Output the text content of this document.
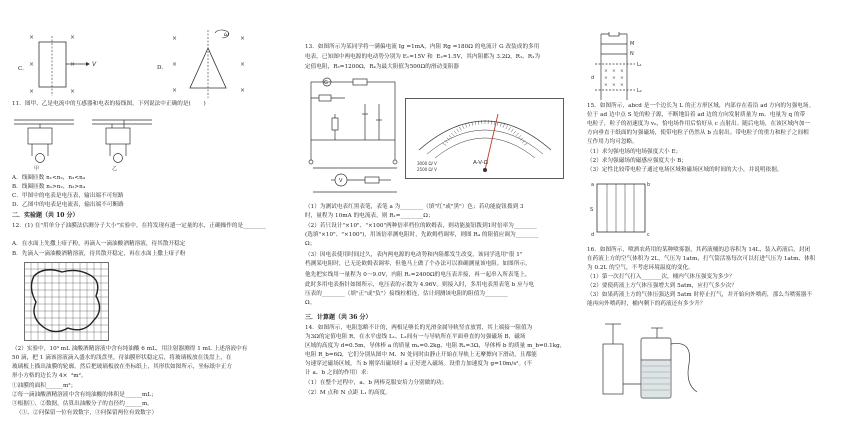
C.
×	×
×	×
×	×	V	D.
×	×
×	×
×	×
ω
11．图甲、乙是电流中的互感器和电表的接线图，下列说法中正确的是(       )
甲	乙
A．线圈匝数 n₁<n₂，n₃<n₄
B．线圈匝数 n₁>n₂，n₃>n₄
C．甲图中的电表是电压表，输出端不可短路
D．乙图中的电表是电流表，输出端不可断路
二．实验题（共 10 分）
12．(1) 在"用单分子油膜法估测分子大小"实验中，在将发现有遗一定量的水，正确操作的是________
A．在水面上先撒上痱子粉，再滴入一滴油酸酒精溶液，待其散开稳定
B．先滴入一滴油酸酒精溶液，待其散开稳定，再在水面上撒上痱子粉
（2）实验中，10³ mL 油酸酒精溶液中含有纯油酸 6 mL，用注射器测得 1 mL 上述溶液中有
50 滴，把 1 滴该溶液滴入盛水的浅盘里，待油膜形状稳定后，将玻璃板放在浅盘上，在
玻璃板上描出油膜的轮廓，然后把玻璃板放在坐标纸上，其形状如图所示，坐标纸中正方
形小方格的边长为 4×  ²m²。
①油膜的面积______m²；
②每一滴油酸酒精溶液中含有纯油酸的体积是______mL；
③根据①、②数据，估算出油酸分子的直径约______m。
（①、②问保留一位有效数字，③问保留两位有效数字）
13．如图所示为某同学将一满偏电流 Ig =1mA，内阻 Rg =180Ω 的电流计 G 改装成的多用
电表。已知图中两电源的电动势分别为 E₁=15V 和  E₂=1.5V，其内阻都为 3.2Ω，R₁、R₂为
定值电阻，R₃=1200Ω，R₄为最大阻值为500Ω的滑动变阻器
G
3000 Ω/ V
2500 Ω/ V
A-V-Ω
V
（1）为测试电表红黑表笔，表笔 a 为________（填"红"或"黑"）色；若功能旋钮拨到 3
时，量程为 10mA 的电流表，则 R₁=________Ω；
（2）若只设计"×10"、"×100"两种倍率档位的欧姆表，则功能旋钮拨到1时倍率为________
(选填"×10"、"×100")，用该倍率测电阻时，先欧姆档调零，则图 R₄ 的阻值应调为________
Ω；
（3）因电表使用时间过久，表内两电源的电动势和内阻都发生改变，该同学选用"很 1"
档测某电阻时，已无论欧姆表调零，但他马上做了个办法可以准确测量该电阻。如图所示，
他先把实线用一量程为 0～9.0V，内阻 Rᵥ=2400Ω的电压表并接，再一起串入所表笔上，
此时多用电表指针如图所示，电压表的示数为 4.96V。则接入时，多用电表黑表笔 b 应与电
压表的________（填"正"或"负"）接线柱相连，估计到测该电阻的阻值为________
Ω。
三．计算题（共 36 分）
14．如图所示，电阻忽略不计的，两根足够长的光滑金属导轨竖直放置，其上端接一阻值为
为3Ω的定值电阻 R，在水平虚线 L₁、L₂间有一与导轨所在平面垂直的匀强磁场 B，磁场
区域的高度为 d=0.5m，导体棒 a 的质量 mₐ=0.2kg、电阻 Rₐ=3Ω，导体棒 b 的质量 m_b=0.1kg，
电阻 R_b=6Ω，它们分别从图中 M、N 处同时由静止开始在导轨上无摩擦向下滑动，且都能
匀速穿过磁场区域，当 b 刚穿出磁场时 a 正好进入磁场。设重力加速度为 g=10m/s²。(不
计 a、b 之间的作用）求：
（1）在整个过程中，a、b 两棒克服安培力分别做的功；
（2）M 点和 N 点距 L₁ 的高度。
× × ×
× × ×
× × ×
M
N
L₁
L₂
d
15．如图所示，abcd 是一个边长为 L 的正方形区域，内部存在着沿 ad 方向的匀强电场。
位于 ad 边中点 S 处的粒子源，不断地沿着 ad 边的方向发射质量为 m、电量为 q 的带
电粒子，粒子的初速度为 v₀，恰电场作用后恰好从 c 点射出。随后电场，在该区域内加一
方向垂直于纸面的匀强磁场，使带电粒子仍然从 b 点射出。带电粒子的重力和粒子之间相
互作用力均可忽略。
（1）求匀强电场的电场强度大小 E；
（2）求匀强磁场的磁感应强度大小 B；
（3）定性比较带电粒子通过电场区域和磁场区域的时间的大小，并说明依据。
a	b
c
d
S
16．如图所示，喷洒农药用的某种喷雾器，其药液桶的总容积为 14L，装入药液后，封闭
在药液上方的空气体积为 2L，气压为 1atm，打气筒活塞每次可以打进气压为 1atm、体积
为 0.2L 的空气，不考虑环境温度的变化。
（1）第一次打气打入_______次，桶内气体压强变为多少？
（2）要使药液上方气体压强增大到 5atm，应打气多少次？
（3）如果药液上方的气体压强达到 5atm 时停止打气，并开始向外喷药，那么当喷雾器不
能再向外喷药时，桶内剩下的药液还有多少升？
